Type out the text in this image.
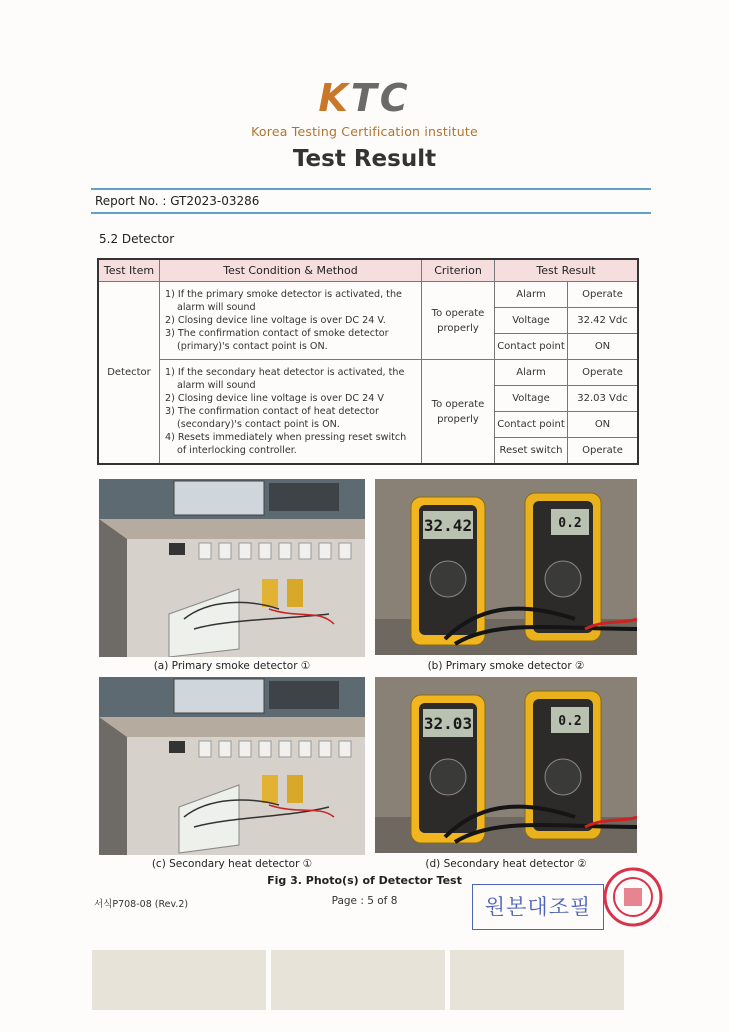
KTC
Korea Testing Certification institute
Test Result
Report No. : GT2023-03286
5.2 Detector
Test Item	Test Condition & Method	Criterion	Test Result	
Detector	1) If the primary smoke detector is activated, the alarm will sound
2) Closing device line voltage is over DC 24 V.
3) The confirmation contact of smoke detector (primary)'s contact point is ON.	To operate properly	Alarm	Operate
			Voltage	32.42 Vdc
			Contact point	ON

	1) If the secondary heat detector is activated, the alarm will sound
2) Closing device line voltage is over DC 24 V
3) The confirmation contact of heat detector (secondary)'s contact point is ON.
4) Resets immediately when pressing reset switch of interlocking controller.	To operate properly	Alarm	Operate
			Voltage	32.03 Vdc
			Contact point	ON
			Reset switch	Operate
(a) Primary smoke detector ①
32.42	0.2
(b) Primary smoke detector ②
(c) Secondary heat detector ①
32.03	0.2
(d) Secondary heat detector ②
Fig 3. Photo(s) of Detector Test
서식P708-08 (Rev.2)	Page : 5 of 8	원본대조필
